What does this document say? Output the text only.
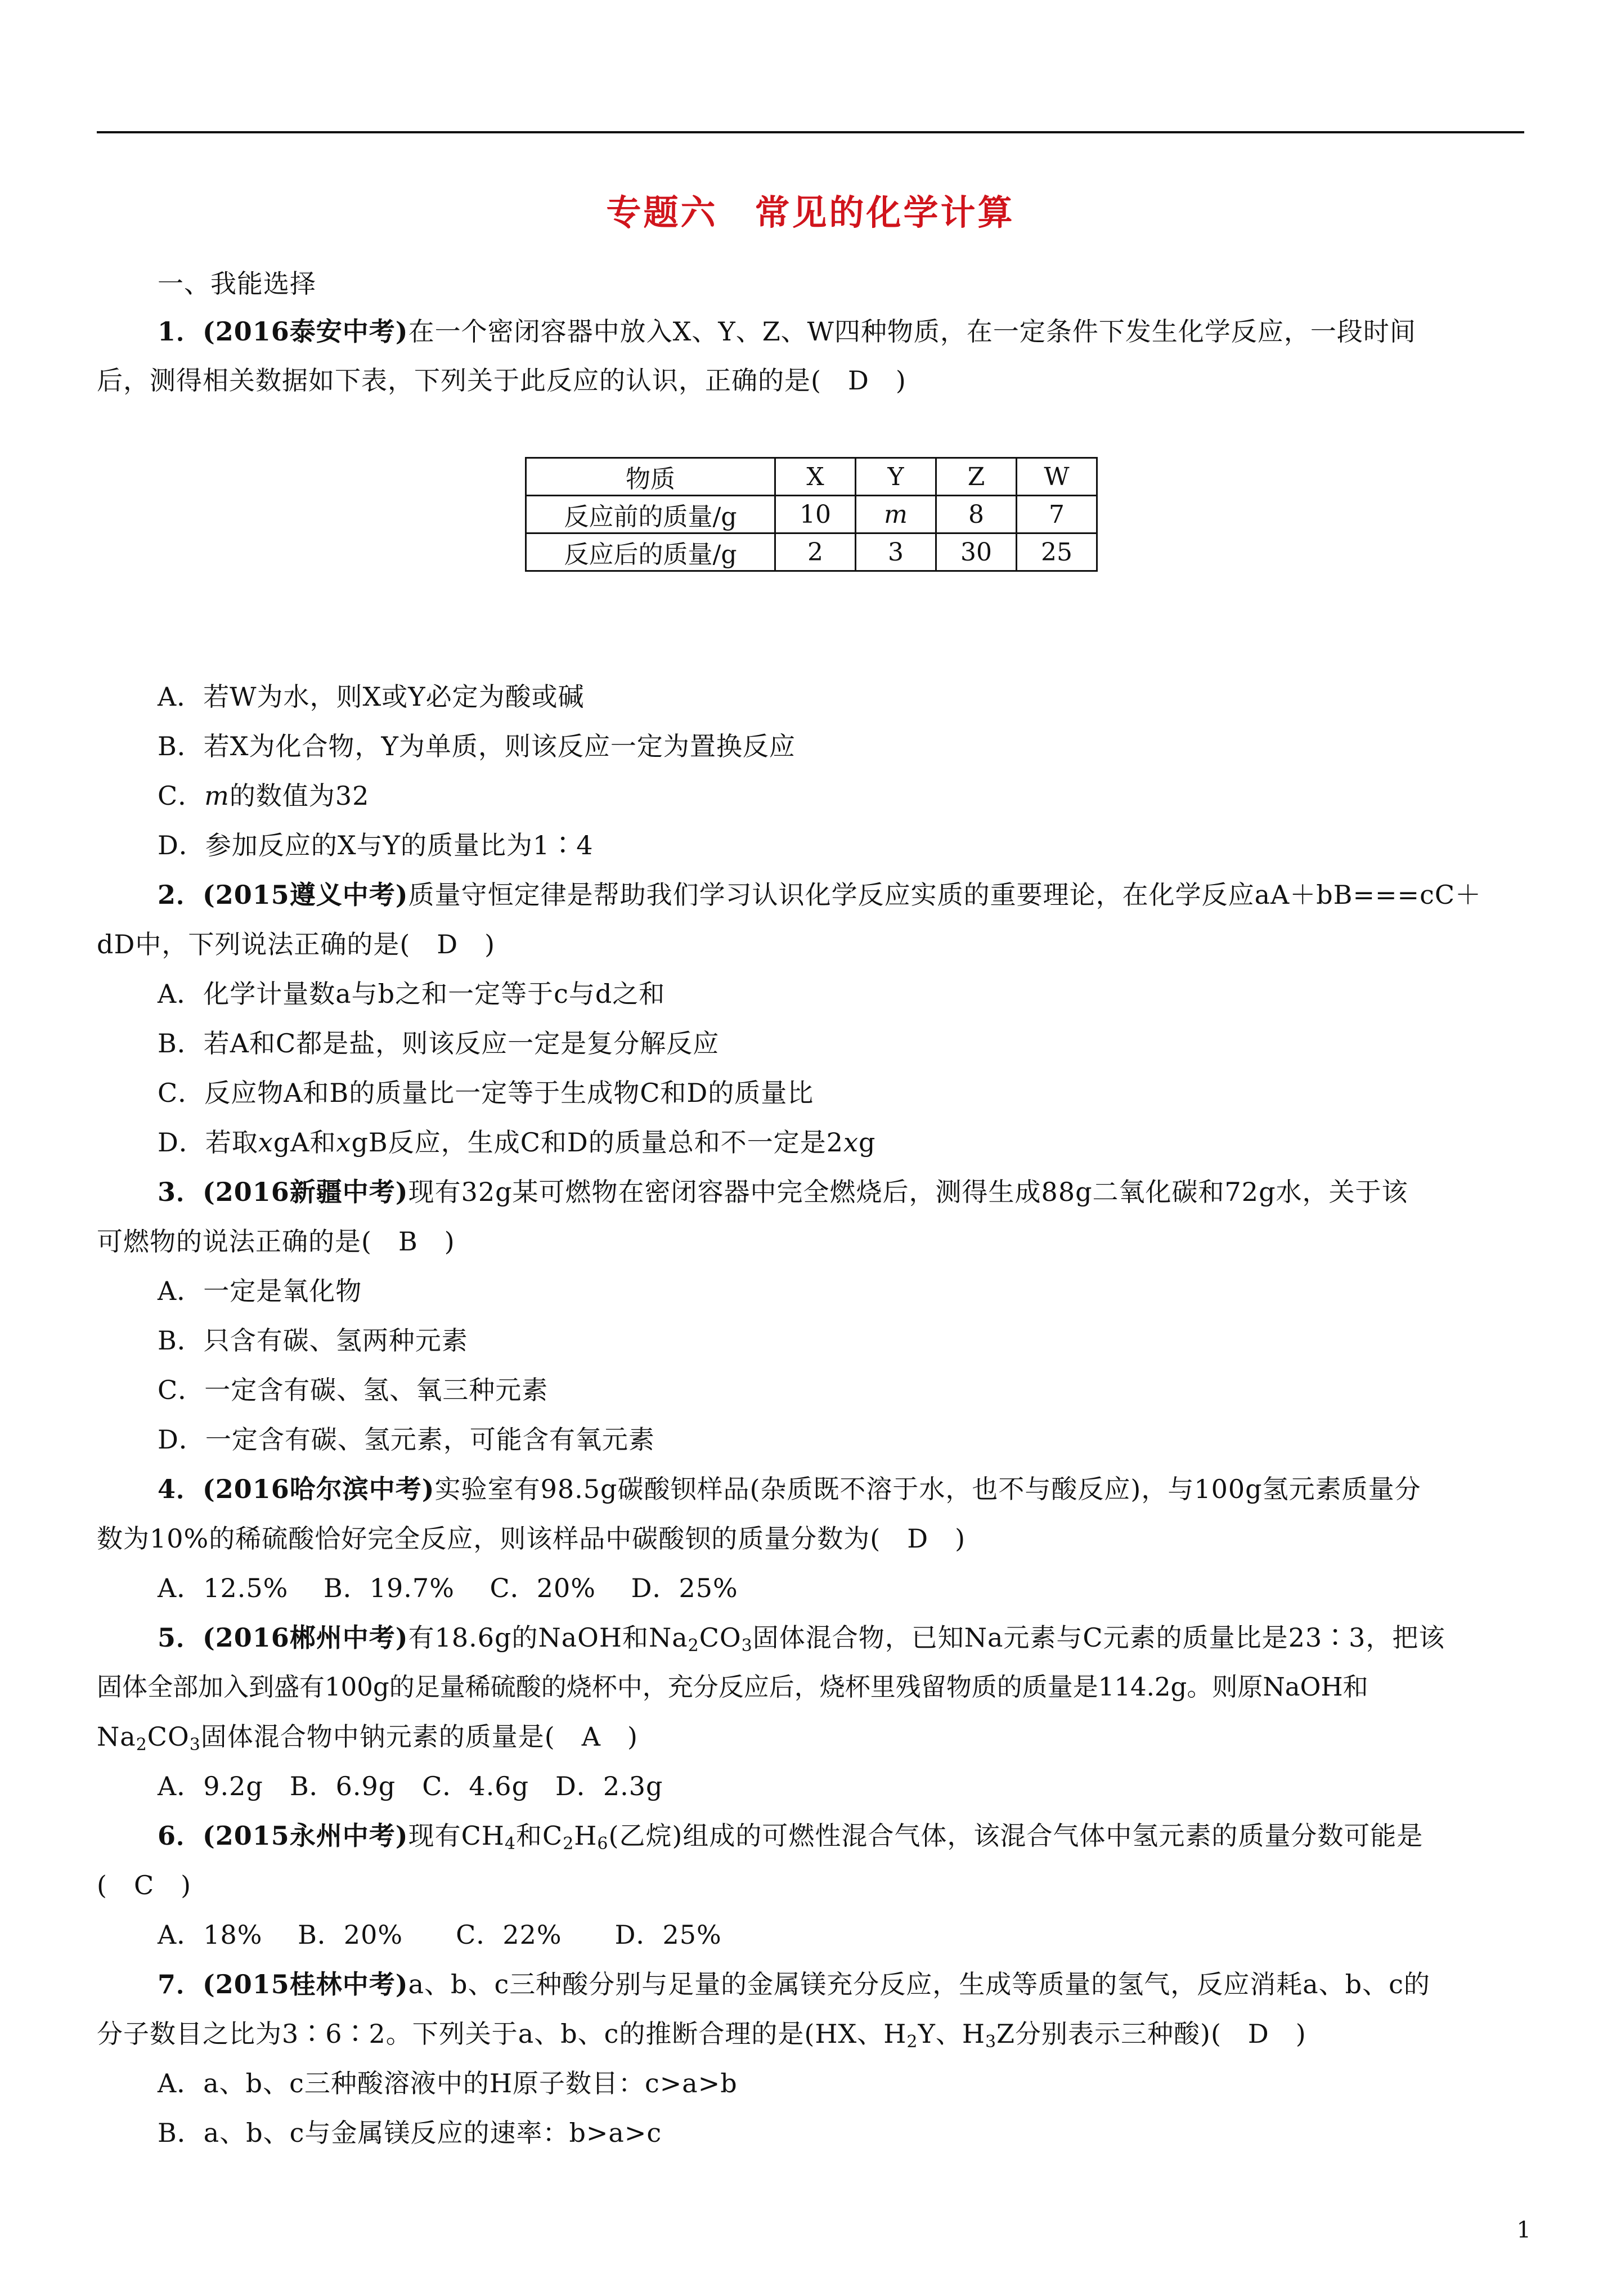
专题六　常见的化学计算
一、我能选择
1．(2016泰安中考)在一个密闭容器中放入X、Y、Z、W四种物质，在一定条件下发生化学反应，一段时间
后，测得相关数据如下表，下列关于此反应的认识，正确的是(　D　)
物质	X	Y	Z	W
反应前的质量/g	10	m	8	7
反应后的质量/g	2	3	30	25
A．若W为水，则X或Y必定为酸或碱
B．若X为化合物，Y为单质，则该反应一定为置换反应
C．m的数值为32
D．参加反应的X与Y的质量比为1∶4
2．(2015遵义中考)质量守恒定律是帮助我们学习认识化学反应实质的重要理论，在化学反应aA＋bB===cC＋
dD中，下列说法正确的是(　D　)
A．化学计量数a与b之和一定等于c与d之和
B．若A和C都是盐，则该反应一定是复分解反应
C．反应物A和B的质量比一定等于生成物C和D的质量比
D．若取xgA和xgB反应，生成C和D的质量总和不一定是2xg
3．(2016新疆中考)现有32g某可燃物在密闭容器中完全燃烧后，测得生成88g二氧化碳和72g水，关于该
可燃物的说法正确的是(　B　)
A．一定是氧化物
B．只含有碳、氢两种元素
C．一定含有碳、氢、氧三种元素
D．一定含有碳、氢元素，可能含有氧元素
4．(2016哈尔滨中考)实验室有98.5g碳酸钡样品(杂质既不溶于水，也不与酸反应)，与100g氢元素质量分
数为10%的稀硫酸恰好完全反应，则该样品中碳酸钡的质量分数为(　D　)
A．12.5%　 B．19.7%　 C．20%　 D．25%
5．(2016郴州中考)有18.6g的NaOH和$Na_2CO_3$固体混合物，已知Na元素与C元素的质量比是23∶3，把该
固体全部加入到盛有100g的足量稀硫酸的烧杯中，充分反应后，烧杯里残留物质的质量是114.2g。则原NaOH和
$Na_2CO_3$固体混合物中钠元素的质量是(　A　)
A．9.2g　B．6.9g　C．4.6g　D．2.3g
6．(2015永州中考)现有$CH_4$和$C_2H_6$(乙烷)组成的可燃性混合气体，该混合气体中氢元素的质量分数可能是
(　C　)
A．18%　 B．20%　　C．22%　　D．25%
7．(2015桂林中考)a、b、c三种酸分别与足量的金属镁充分反应，生成等质量的氢气，反应消耗a、b、c的
分子数目之比为3∶6∶2。下列关于a、b、c的推断合理的是(HX、$H_2Y$、$H_3Z$分别表示三种酸)(　D　)
A．a、b、c三种酸溶液中的H原子数目：c>a>b
B．a、b、c与金属镁反应的速率：b>a>c
1
